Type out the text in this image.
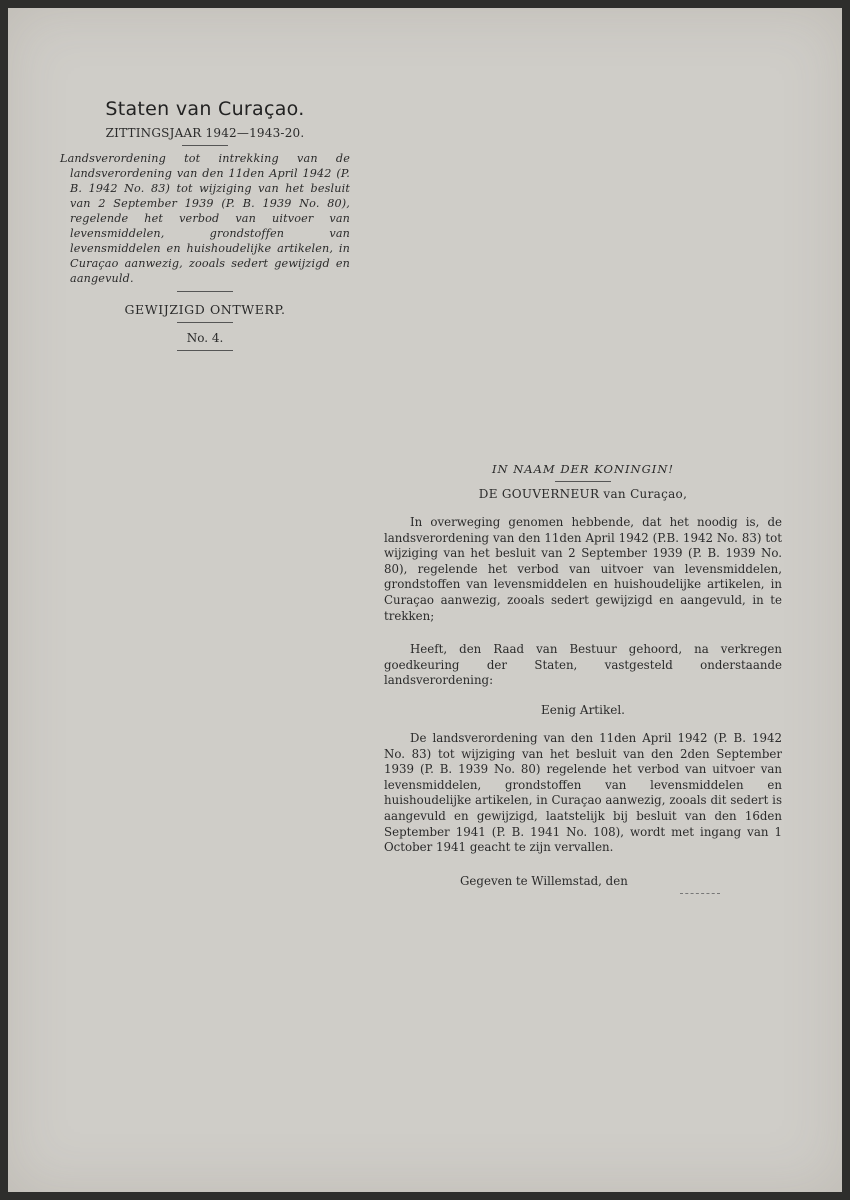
Staten van Curaçao.
ZITTINGSJAAR 1942—1943-20.

Landsverordening tot intrekking van de landsverordening van den 11den April 1942 (P. B. 1942 No. 83) tot wijziging van het besluit van 2 September 1939 (P. B. 1939 No. 80), regelende het verbod van uitvoer van levensmiddelen, grondstoffen van levensmiddelen en huishoudelijke artikelen, in Curaçao aanwezig, zooals sedert gewijzigd en aangevuld.

GEWIJZIGD ONTWERP.
No. 4.
IN NAAM DER KONINGIN!
DE GOUVERNEUR van Curaçao,

In overweging genomen hebbende, dat het noodig is, de landsverordening van den 11den April 1942 (P.B. 1942 No. 83) tot wijziging van het besluit van 2 September 1939 (P. B. 1939 No. 80), regelende het verbod van uitvoer van levensmiddelen, grondstoffen van levensmiddelen en huishoudelijke artikelen, in Curaçao aanwezig, zooals sedert gewijzigd en aangevuld, in te trekken;

Heeft, den Raad van Bestuur gehoord, na verkregen goedkeuring der Staten, vastgesteld onderstaande landsverordening:

Eenig Artikel.

De landsverordening van den 11den April 1942 (P. B. 1942 No. 83) tot wijziging van het besluit van den 2den September 1939 (P. B. 1939 No. 80) regelende het verbod van uitvoer van levensmiddelen, grondstoffen van levensmiddelen en huishoudelijke artikelen, in Curaçao aanwezig, zooals dit sedert is aangevuld en gewijzigd, laatstelijk bij besluit van den 16den September 1941 (P. B. 1941 No. 108), wordt met ingang van 1 October 1941 geacht te zijn vervallen.

Gegeven te Willemstad, den
